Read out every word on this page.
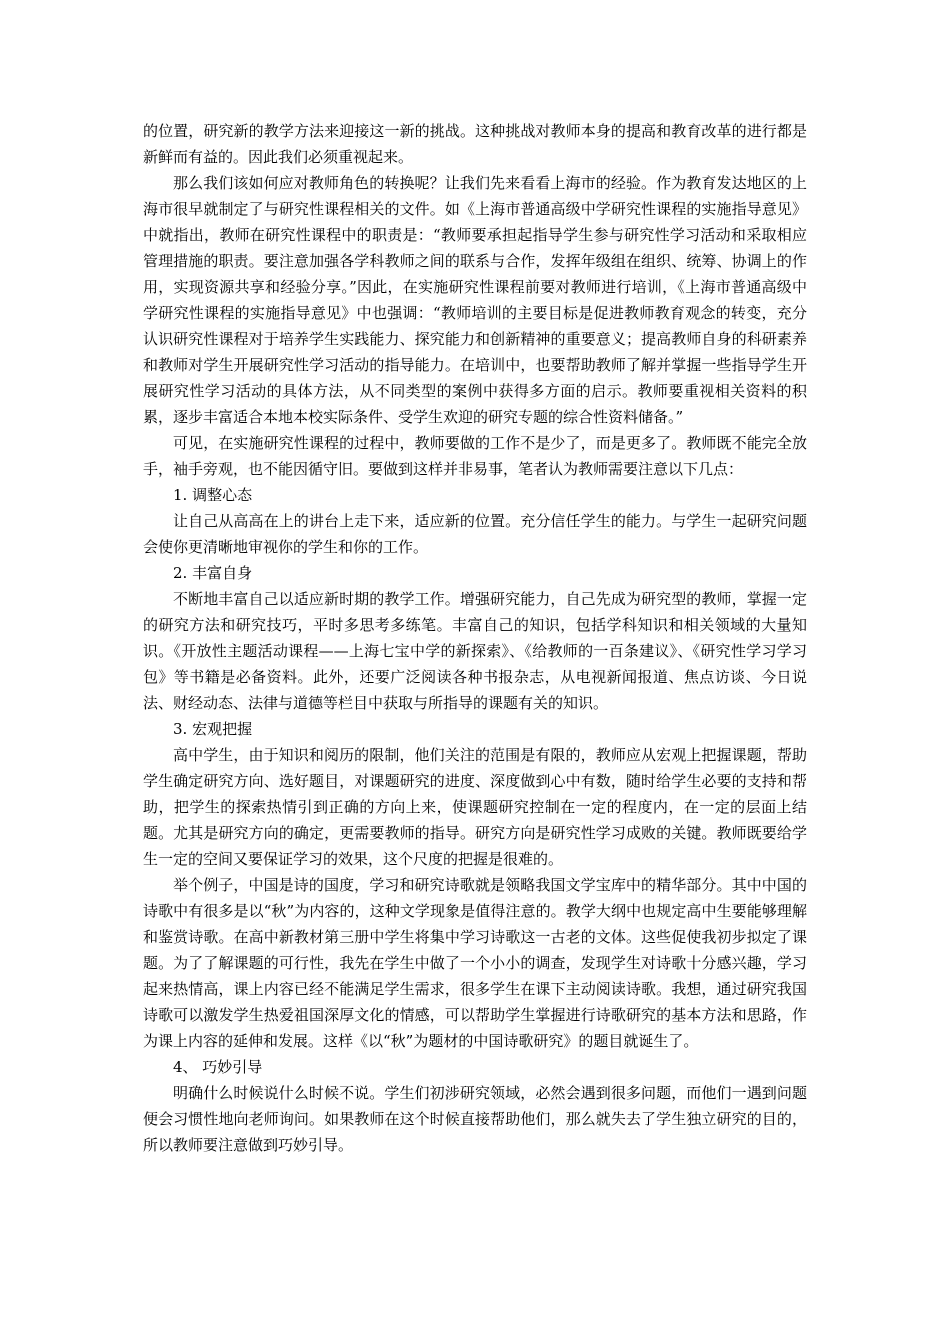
的位置，研究新的教学方法来迎接这一新的挑战。这种挑战对教师本身的提高和教育改革的进行都是新鲜而有益的。因此我们必须重视起来。

那么我们该如何应对教师角色的转换呢？让我们先来看看上海市的经验。作为教育发达地区的上海市很早就制定了与研究性课程相关的文件。如《上海市普通高级中学研究性课程的实施指导意见》中就指出，教师在研究性课程中的职责是：“教师要承担起指导学生参与研究性学习活动和采取相应管理措施的职责。要注意加强各学科教师之间的联系与合作，发挥年级组在组织、统筹、协调上的作用，实现资源共享和经验分享。”因此，在实施研究性课程前要对教师进行培训，《上海市普通高级中学研究性课程的实施指导意见》中也强调：“教师培训的主要目标是促进教师教育观念的转变，充分认识研究性课程对于培养学生实践能力、探究能力和创新精神的重要意义；提高教师自身的科研素养和教师对学生开展研究性学习活动的指导能力。在培训中，也要帮助教师了解并掌握一些指导学生开展研究性学习活动的具体方法，从不同类型的案例中获得多方面的启示。教师要重视相关资料的积累，逐步丰富适合本地本校实际条件、受学生欢迎的研究专题的综合性资料储备。”

可见，在实施研究性课程的过程中，教师要做的工作不是少了，而是更多了。教师既不能完全放手，袖手旁观，也不能因循守旧。要做到这样并非易事，笔者认为教师需要注意以下几点：

1. 调整心态

让自己从高高在上的讲台上走下来，适应新的位置。充分信任学生的能力。与学生一起研究问题会使你更清晰地审视你的学生和你的工作。

2. 丰富自身

不断地丰富自己以适应新时期的教学工作。增强研究能力，自己先成为研究型的教师，掌握一定的研究方法和研究技巧，平时多思考多练笔。丰富自己的知识，包括学科知识和相关领域的大量知识。《开放性主题活动课程——上海七宝中学的新探索》、《给教师的一百条建议》、《研究性学习学习包》等书籍是必备资料。此外，还要广泛阅读各种书报杂志，从电视新闻报道、焦点访谈、今日说法、财经动态、法律与道德等栏目中获取与所指导的课题有关的知识。

3. 宏观把握

高中学生，由于知识和阅历的限制，他们关注的范围是有限的，教师应从宏观上把握课题，帮助学生确定研究方向、选好题目，对课题研究的进度、深度做到心中有数，随时给学生必要的支持和帮助，把学生的探索热情引到正确的方向上来，使课题研究控制在一定的程度内，在一定的层面上结题。尤其是研究方向的确定，更需要教师的指导。研究方向是研究性学习成败的关键。教师既要给学生一定的空间又要保证学习的效果，这个尺度的把握是很难的。

举个例子，中国是诗的国度，学习和研究诗歌就是领略我国文学宝库中的精华部分。其中中国的诗歌中有很多是以“秋”为内容的，这种文学现象是值得注意的。教学大纲中也规定高中生要能够理解和鉴赏诗歌。在高中新教材第三册中学生将集中学习诗歌这一古老的文体。这些促使我初步拟定了课题。为了了解课题的可行性，我先在学生中做了一个小小的调查，发现学生对诗歌十分感兴趣，学习起来热情高，课上内容已经不能满足学生需求，很多学生在课下主动阅读诗歌。我想，通过研究我国诗歌可以激发学生热爱祖国深厚文化的情感，可以帮助学生掌握进行诗歌研究的基本方法和思路，作为课上内容的延伸和发展。这样《以“秋”为题材的中国诗歌研究》的题目就诞生了。

4、 巧妙引导

明确什么时候说什么时候不说。学生们初涉研究领域，必然会遇到很多问题，而他们一遇到问题便会习惯性地向老师询问。如果教师在这个时候直接帮助他们，那么就失去了学生独立研究的目的，所以教师要注意做到巧妙引导。
